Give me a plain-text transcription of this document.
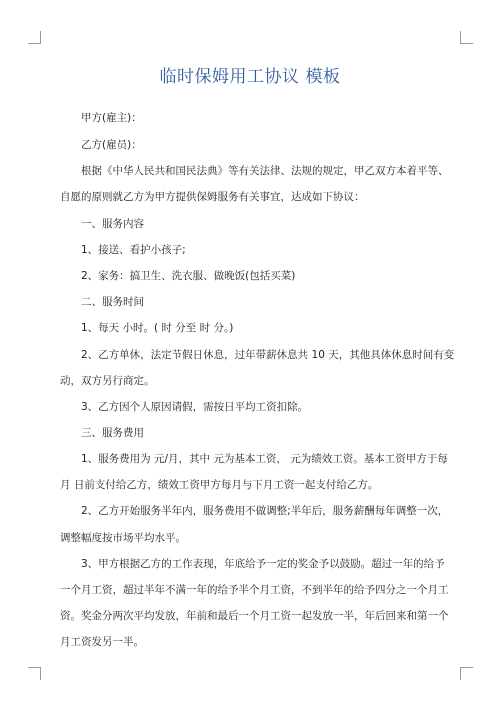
临时保姆用工协议 模板
甲方(雇主)：
乙方(雇员)：
根据《中华人民共和国民法典》等有关法律、法规的规定，甲乙双方本着平等、
自愿的原则就乙方为甲方提供保姆服务有关事宜，达成如下协议：
一、服务内容
1、接送、看护小孩子;
2、家务：搞卫生、洗衣服、做晚饭(包括买菜)
二、服务时间
1、每天 小时。( 时 分至 时 分。)
2、乙方单休，法定节假日休息，过年带薪休息共 10 天，其他具体休息时间有变
动，双方另行商定。
3、乙方因个人原因请假，需按日平均工资扣除。
三、服务费用
1、服务费用为 元/月，其中 元为基本工资， 元为绩效工资。基本工资甲方于每
月 日前支付给乙方，绩效工资甲方每月与下月工资一起支付给乙方。
2、乙方开始服务半年内，服务费用不做调整;半年后，服务薪酬每年调整一次，
调整幅度按市场平均水平。
3、甲方根据乙方的工作表现，年底给予一定的奖金予以鼓励。超过一年的给予
一个月工资，超过半年不满一年的给予半个月工资，不到半年的给予四分之一个月工
资。奖金分两次平均发放，年前和最后一个月工资一起发放一半，年后回来和第一个
月工资发另一半。
